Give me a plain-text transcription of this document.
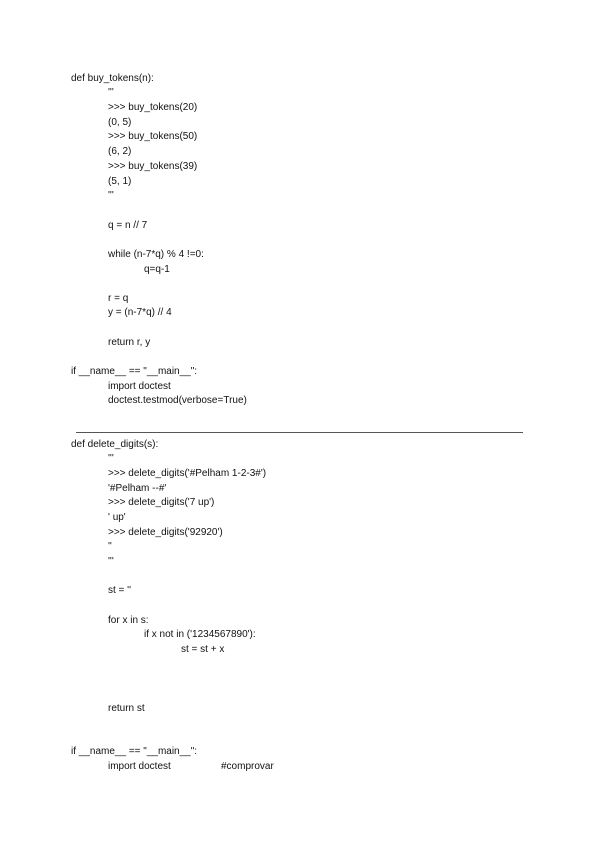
def buy_tokens(n):
'''
>>> buy_tokens(20)
(0, 5)
>>> buy_tokens(50)
(6, 2)
>>> buy_tokens(39)
(5, 1)
'''
q = n // 7
while (n-7*q) % 4 !=0:
q=q-1
r = q
y = (n-7*q) // 4
return r, y
if __name__ == "__main__":
import doctest
doctest.testmod(verbose=True)
def delete_digits(s):
'''
>>> delete_digits('#Pelham 1-2-3#')
'#Pelham --#'
>>> delete_digits('7 up')
' up'
>>> delete_digits('92920')
''
'''
st = ''
for x in s:
if x not in ('1234567890'):
st = st + x
return st
if __name__ == "__main__":
import doctest	#comprovar
